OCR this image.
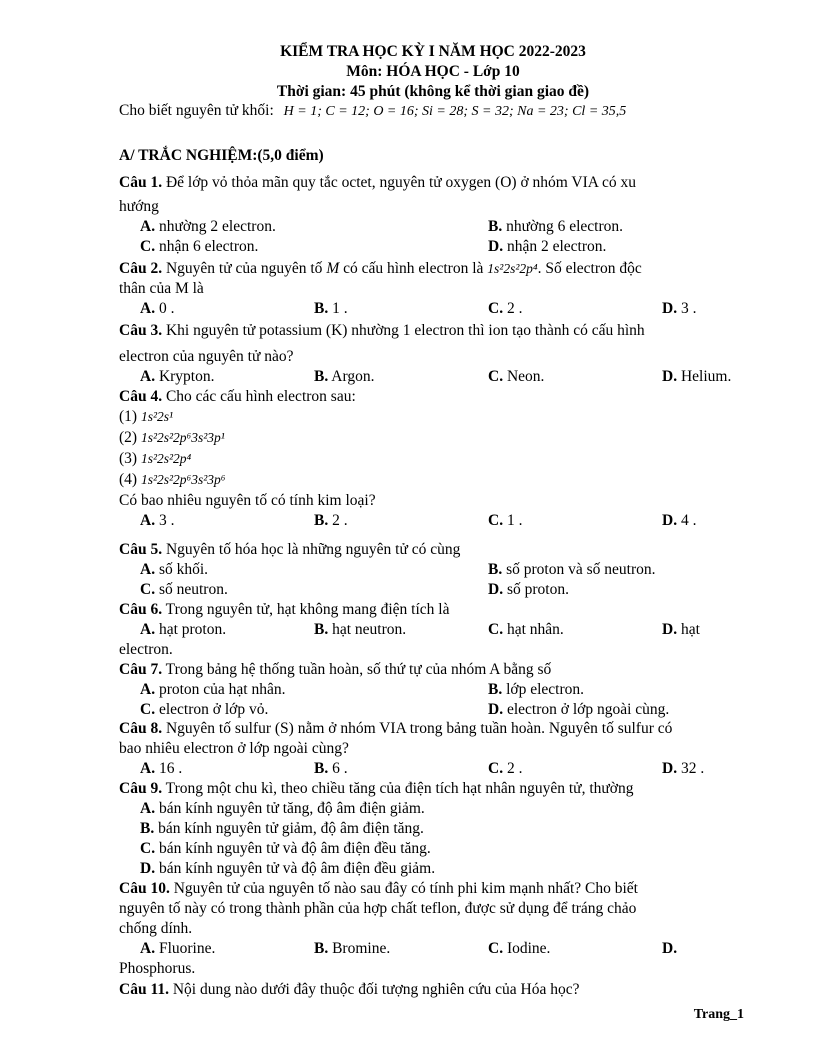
KIỂM TRA HỌC KỲ I NĂM HỌC 2022-2023
Môn: HÓA HỌC - Lớp 10
Thời gian: 45 phút (không kể thời gian giao đề)
Cho biết nguyên tử khối: H = 1; C = 12; O = 16; Si = 28; S = 32; Na = 23; Cl = 35,5
A/ TRẮC NGHIỆM:(5,0 điểm)
Câu 1. Để lớp vỏ thỏa mãn quy tắc octet, nguyên tử oxygen (O) ở nhóm VIA có xu
hướng
A. nhường 2 electron.	B. nhường 6 electron.
C. nhận 6 electron.	D. nhận 2 electron.
Câu 2. Nguyên tử của nguyên tố M có cấu hình electron là 1s²2s²2p⁴. Số electron độc
thân của M là
A. 0 .	B. 1 .	C. 2 .	D. 3 .
Câu 3. Khi nguyên tử potassium (K) nhường 1 electron thì ion tạo thành có cấu hình
electron của nguyên tử nào?
A. Krypton.	B. Argon.	C. Neon.	D. Helium.
Câu 4. Cho các cấu hình electron sau:
(1) 1s²2s¹
(2) 1s²2s²2p⁶3s²3p¹
(3) 1s²2s²2p⁴
(4) 1s²2s²2p⁶3s²3p⁶
Có bao nhiêu nguyên tố có tính kim loại?
A. 3 .	B. 2 .	C. 1 .	D. 4 .
Câu 5. Nguyên tố hóa học là những nguyên tử có cùng
A. số khối.	B. số proton và số neutron.
C. số neutron.	D. số proton.
Câu 6. Trong nguyên tử, hạt không mang điện tích là
A. hạt proton.	B. hạt neutron.	C. hạt nhân.	D. hạt
electron.
Câu 7. Trong bảng hệ thống tuần hoàn, số thứ tự của nhóm A bằng số
A. proton của hạt nhân.	B. lớp electron.
C. electron ở lớp vỏ.	D. electron ở lớp ngoài cùng.
Câu 8. Nguyên tố sulfur (S) nằm ở nhóm VIA trong bảng tuần hoàn. Nguyên tố sulfur có
bao nhiêu electron ở lớp ngoài cùng?
A. 16 .	B. 6 .	C. 2 .	D. 32 .
Câu 9. Trong một chu kì, theo chiều tăng của điện tích hạt nhân nguyên tử, thường
A. bán kính nguyên tử tăng, độ âm điện giảm.
B. bán kính nguyên tử giảm, độ âm điện tăng.
C. bán kính nguyên tử và độ âm điện đều tăng.
D. bán kính nguyên tử và độ âm điện đều giảm.
Câu 10. Nguyên tử của nguyên tố nào sau đây có tính phi kim mạnh nhất? Cho biết
nguyên tố này có trong thành phần của hợp chất teflon, được sử dụng để tráng chảo
chống dính.
A. Fluorine.	B. Bromine.	C. Iodine.	D.
Phosphorus.
Câu 11. Nội dung nào dưới đây thuộc đối tượng nghiên cứu của Hóa học?
Trang_1
